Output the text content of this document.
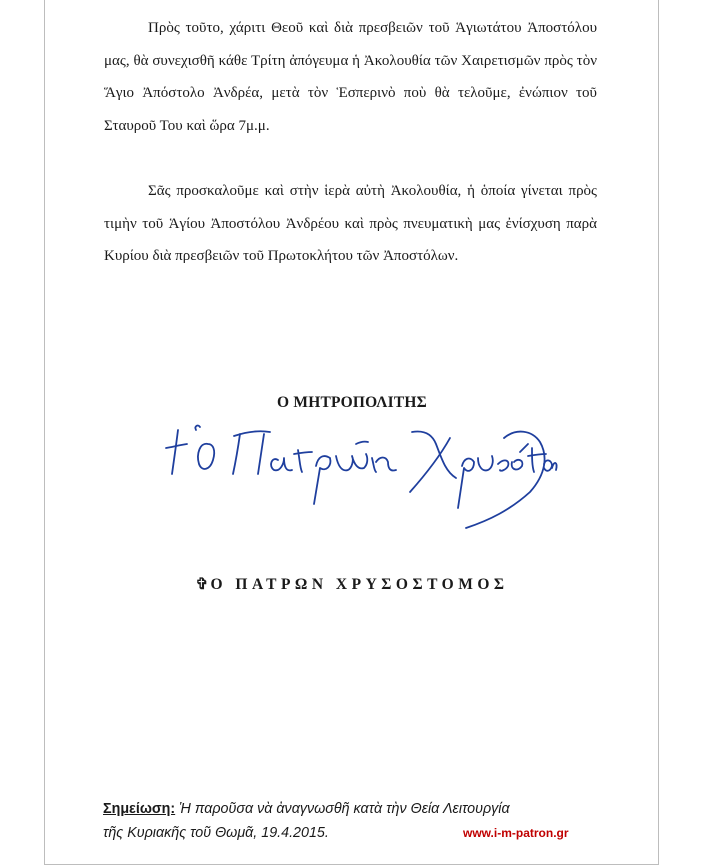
Πρὸς τοῦτο, χάριτι Θεοῦ καὶ διὰ πρεσβειῶν τοῦ Ἁγιωτάτου Ἀποστόλου μας, θὰ συνεχισθῆ κάθε Τρίτη ἀπόγευμα ἡ Ἀκολουθία τῶν Χαιρετισμῶν πρὸς τὸν Ἅγιο Ἀπόστολο Ἀνδρέα, μετὰ τὸν Ἑσπερινὸ ποὺ θὰ τελοῦμε, ἐνώπιον τοῦ Σταυροῦ Του καὶ ὥρα 7μ.μ.

Σᾶς προσκαλοῦμε καὶ στὴν ἱερὰ αὐτὴ Ἀκολουθία, ἡ ὁποία γίνεται πρὸς τιμὴν τοῦ Ἁγίου Ἀποστόλου Ἀνδρέου καὶ πρὸς πνευματικὴ μας ἐνίσχυση παρὰ Κυρίου διὰ πρεσβειῶν τοῦ Πρωτοκλήτου τῶν Ἀποστόλων.

Ο ΜΗΤΡΟΠΟΛΙΤΗΣ
✞Ο ΠΑΤΡΩΝ ΧΡΥΣΟΣΤΟΜΟΣ
Σημείωση: Ἡ παροῦσα νὰ ἀναγνωσθῆ κατὰ τὴν Θεία Λειτουργία
τῆς Κυριακῆς τοῦ Θωμᾶ, 19.4.2015.	www.i-m-patron.gr
